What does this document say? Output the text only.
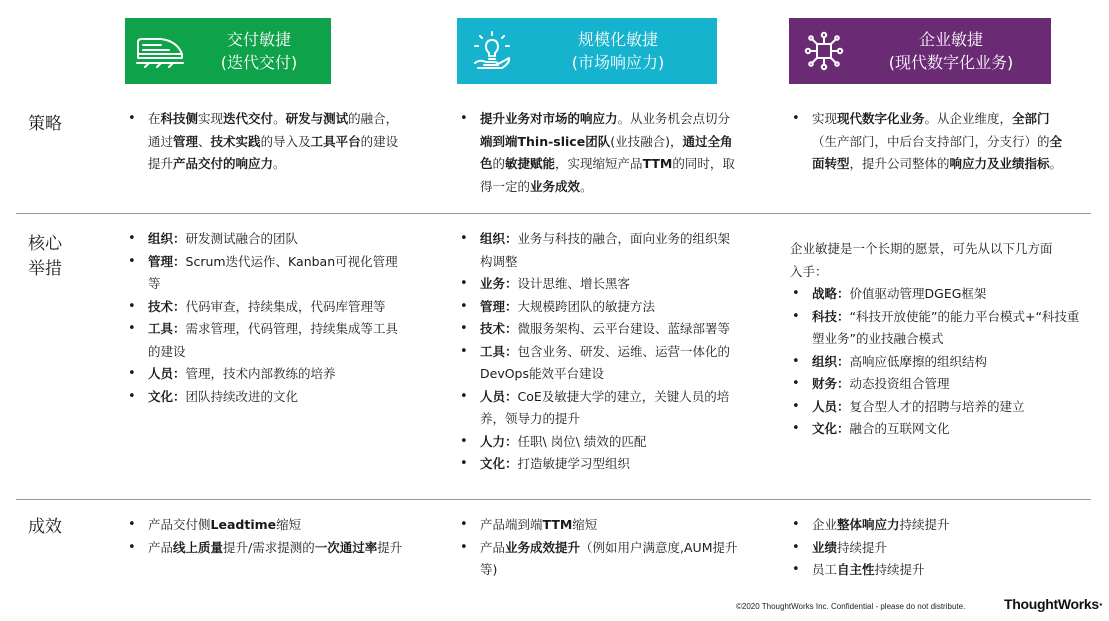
交付敏捷
(迭代交付)
规模化敏捷
(市场响应力)
企业敏捷
(现代数字化业务)
策略
核心
举措
成效
• 在科技侧实现迭代交付。研发与测试的融合，通过管理、技术实践的导入及工具平台的建设提升产品交付的响应力。
• 提升业务对市场的响应力。从业务机会点切分端到端Thin-slice团队(业技融合)，通过全角色的敏捷赋能，实现缩短产品TTM的同时，取得一定的业务成效。
• 实现现代数字化业务。从企业维度，全部门（生产部门，中后台支持部门，分支行）的全面转型，提升公司整体的响应力及业绩指标。
• 组织：研发测试融合的团队
• 管理：Scrum迭代运作、Kanban可视化管理 等
• 技术：代码审查，持续集成，代码库管理等
• 工具：需求管理，代码管理，持续集成等工具的建设
• 人员：管理，技术内部教练的培养
• 文化：团队持续改进的文化
• 组织：业务与科技的融合，面向业务的组织架构调整
• 业务：设计思维、增长黑客
• 管理：大规模跨团队的敏捷方法
• 技术：微服务架构、云平台建设、蓝绿部署等
• 工具：包含业务、研发、运维、运营一体化的DevOps能效平台建设
• 人员：CoE及敏捷大学的建立，关键人员的培养，领导力的提升
• 人力：任职\ 岗位\ 绩效的匹配
• 文化：打造敏捷学习型组织
企业敏捷是一个长期的愿景，可先从以下几方面入手：
• 战略：价值驱动管理DGEG框架
• 科技：“科技开放使能”的能力平台模式+“科技重塑业务”的业技融合模式
• 组织：高响应低摩擦的组织结构
• 财务：动态投资组合管理
• 人员：复合型人才的招聘与培养的建立
• 文化：融合的互联网文化
• 产品交付侧Leadtime缩短
• 产品线上质量提升/需求提测的一次通过率提升
• 产品端到端TTM缩短
• 产品业务成效提升（例如用户满意度,AUM提升等)
• 企业整体响应力持续提升
• 业绩持续提升
• 员工自主性持续提升
©2020 ThoughtWorks Inc. Confidential - please do not distribute.	ThoughtWorks·
